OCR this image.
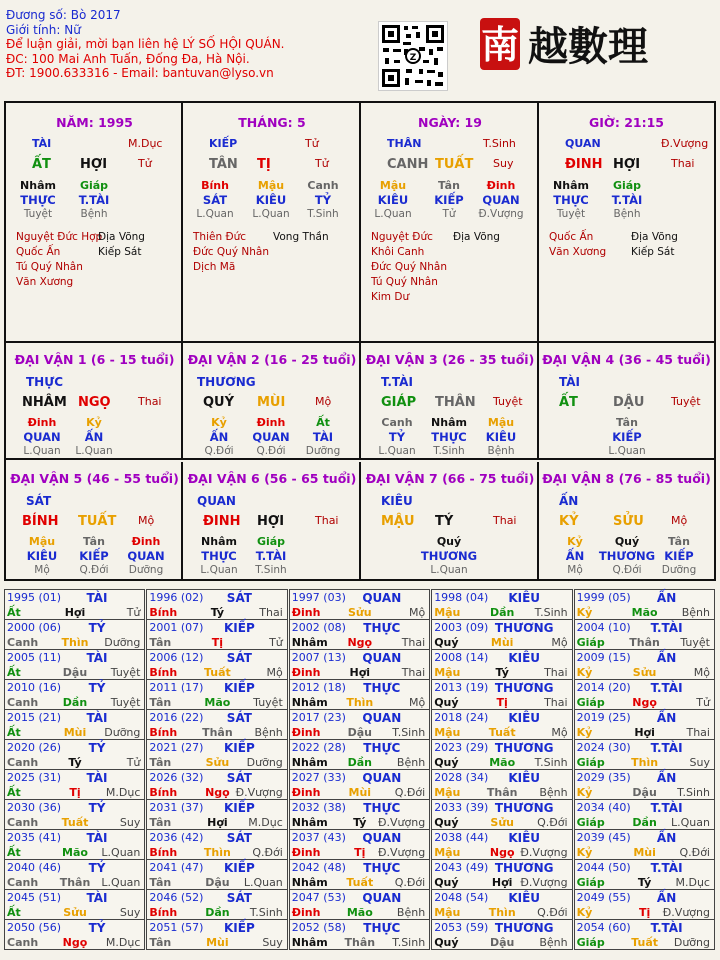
Đương số: Bò 2017
Giới tính: Nữ
Để luận giải, mời bạn liên hệ LÝ SỐ HỘI QUÁN.
ĐC: 100 Mai Anh Tuấn, Đống Đa, Hà Nội.
ĐT: 1900.633316 - Email: bantuvan@lyso.vn
Z 南 越數理
NĂM: 1995
TÀI	M.Dục
ẤT HỢI	Tử
Nhâm
THỰC
Tuyệt
Giáp
T.TÀI
Bệnh
Nguyệt Đức Hợp
Địa Võng
Quốc Ấn	Kiếp Sát
Tú Quý Nhân
Văn Xương
THÁNG: 5
KIẾP	Tử
TÂN TỊ	Tử
Bính
SÁT
L.Quan
Mậu
KIÊU
L.Quan
Canh
TỶ
T.Sinh
Thiên Đức	Vong Thần
Đức Quý Nhân
Dịch Mã
NGÀY: 19
THÂN	T.Sinh
CANH TUẤT Suy
Mậu
KIÊU
L.Quan
Tân
KIẾP
Tử
Đinh
QUAN
Đ.Vượng
Nguyệt Đức Địa Võng
Khôi Canh
Đức Quý Nhân
Tú Quý Nhân
Kim Dư
GIỜ: 21:15
QUAN	Đ.Vượng
ĐINH HỢI	Thai
Nhâm
THỰC
Tuyệt
Giáp
T.TÀI
Bệnh
Quốc Ấn	Địa Võng
Văn Xương Kiếp Sát
ĐẠI VẬN 1 (6 - 15 tuổi)
THỰC
NHÂM NGỌ Thai
Đinh
QUAN
L.Quan
Kỷ
ẤN
L.Quan
ĐẠI VẬN 2 (16 - 25 tuổi)
THƯƠNG
QUÝ MÙI	Mộ
Kỷ
ẤN
Q.Đới
Đinh
QUAN
Q.Đới
Ất
TÀI
Dưỡng
ĐẠI VẬN 3 (26 - 35 tuổi)
T.TÀI
GIÁP THÂN Tuyệt
Canh
TỶ
L.Quan
Nhâm
THỰC
T.Sinh
Mậu
KIÊU
Bệnh
ĐẠI VẬN 4 (36 - 45 tuổi)
TÀI
ẤT	DẬU Tuyệt
Tân
KIẾP
L.Quan
ĐẠI VẬN 5 (46 - 55 tuổi)
SÁT
BÍNH TUẤT Mộ
Mậu
KIÊU
Mộ
Tân
KIẾP
Q.Đới
Đinh
QUAN
Dưỡng
ĐẠI VẬN 6 (56 - 65 tuổi)
QUAN
ĐINH HỢI	Thai
Nhâm
THỰC
L.Quan
Giáp
T.TÀI
T.Sinh
ĐẠI VẬN 7 (66 - 75 tuổi)
KIÊU
MẬU TÝ	Thai
Quý
THƯƠNG
L.Quan
ĐẠI VẬN 8 (76 - 85 tuổi)
ẤN
KỶ	SỬU Mộ
Kỷ
ẤN
Mộ
Quý
THƯƠNG
Q.Đới
Tân
KIẾP
Dưỡng
1995 (01) TÀI
Ất	Hợi	Tử
1996 (02) SÁT
Bính	Tý	Thai
1997 (03) QUAN
Đinh	Sửu	Mộ
1998 (04) KIÊU
Mậu	Dần T.Sinh
1999 (05) ẤN
Kỷ	Mão Bệnh
2000 (06) TỶ
Canh Thìn Dưỡng
2001 (07) KIẾP
Tân	Tị	Tử
2002 (08) THỰC
Nhâm Ngọ	Thai
2003 (09) THƯƠNG
Quý	Mùi	Mộ
2004 (10) T.TÀI
Giáp Thân Tuyệt
2005 (11) TÀI
Ất	Dậu Tuyệt
2006 (12) SÁT
Bính Tuất	Mộ
2007 (13) QUAN
Đinh	Hợi	Thai
2008 (14) KIÊU
Mậu	Tý	Thai
2009 (15) ẤN
Kỷ	Sửu	Mộ
2010 (16) TỶ
Canh Dần Tuyệt
2011 (17) KIẾP
Tân	Mão Tuyệt
2012 (18) THỰC
Nhâm Thìn	Mộ
2013 (19) THƯƠNG
Quý	Tị	Thai
2014 (20) T.TÀI
Giáp	Ngọ	Tử
2015 (21) TÀI
Ất	Mùi Dưỡng
2016 (22) SÁT
Bính Thân Bệnh
2017 (23) QUAN
Đinh Dậu T.Sinh
2018 (24) KIÊU
Mậu	Tuất	Mộ
2019 (25) ẤN
Kỷ	Hợi	Thai
2020 (26) TỶ
Canh	Tý	Tử
2021 (27) KIẾP
Tân	Sửu Dưỡng
2022 (28) THỰC
Nhâm Dần Bệnh
2023 (29) THƯƠNG
Quý	Mão T.Sinh
2024 (30) T.TÀI
Giáp Thìn	Suy
2025 (31) TÀI
Ất	Tị M.Dục
2026 (32) SÁT
Bính	Ngọ Đ.Vượng
2027 (33) QUAN
Đinh	Mùi Q.Đới
2028 (34) KIÊU
Mậu Thân Bệnh
2029 (35) ẤN
Kỷ	Dậu T.Sinh
2030 (36) TỶ
Canh Tuất	Suy
2031 (37) KIẾP
Tân	Hợi M.Dục
2032 (38) THỰC
Nhâm Tý Đ.Vượng
2033 (39) THƯƠNG
Quý	Sửu Q.Đới
2034 (40) T.TÀI
Giáp	Dần L.Quan
2035 (41) TÀI
Ất	Mão L.Quan
2036 (42) SÁT
Bính Thìn Q.Đới
2037 (43) QUAN
Đinh	Tị Đ.Vượng
2038 (44) KIÊU
Mậu	Ngọ Đ.Vượng
2039 (45) ẤN
Kỷ	Mùi Q.Đới
2040 (46) TỶ
Canh Thân L.Quan
2041 (47) KIẾP
Tân	Dậu L.Quan
2042 (48) THỰC
Nhâm Tuất Q.Đới
2043 (49) THƯƠNG
Quý	Hợi Đ.Vượng
2044 (50) T.TÀI
Giáp	Tý M.Dục
2045 (51) TÀI
Ất	Sửu	Suy
2046 (52) SÁT
Bính	Dần T.Sinh
2047 (53) QUAN
Đinh Mão Bệnh
2048 (54) KIÊU
Mậu	Thìn Q.Đới
2049 (55) ẤN
Kỷ	Tị Đ.Vượng
2050 (56) TỶ
Canh Ngọ M.Dục
2051 (57) KIẾP
Tân	Mùi	Suy
2052 (58) THỰC
Nhâm Thân T.Sinh
2053 (59) THƯƠNG
Quý	Dậu Bệnh
2054 (60) T.TÀI
Giáp Tuất Dưỡng
